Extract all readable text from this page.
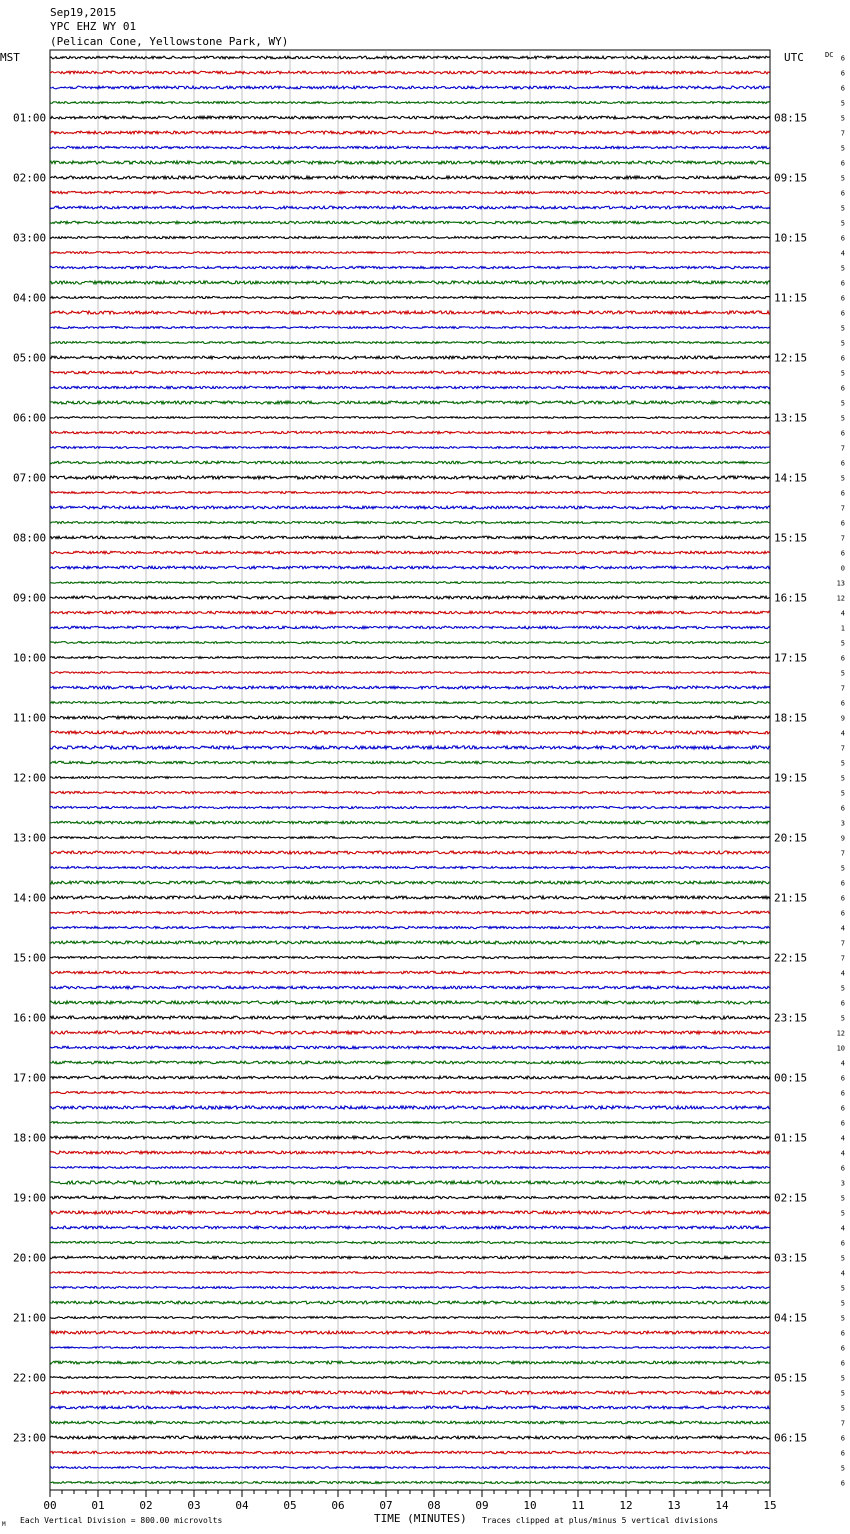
Sep19,2015
YPC EHZ WY 01
(Pelican Cone, Yellowstone Park, WY)
MST	UTC	DC
01:00	08:15
02:00	09:15
03:00	10:15
04:00	11:15
05:00	12:15
06:00	13:15
07:00	14:15
08:00	15:15
09:00	16:15
10:00	17:15
11:00	18:15
12:00	19:15
13:00	20:15
14:00	21:15
15:00	22:15
16:00	23:15
17:00	00:15
18:00	01:15
19:00	02:15
20:00	03:15
21:00	04:15
22:00	05:15
23:00	06:15
6
6
6
5
5
7
5
6
5
6
5
5
6
4
5
6
6
6
5
5
6
5
6
5
5
6
7
6
5
6
7
6
7
6
0
13
12
4
1
5
6
5
7
6
9
4
7
5
5
5
6
3
9
7
5
6
6
6
4
7
7
4
5
6
5
12
10
4
6
6
6
6
4
4
6
3
5
5
4
6
5
4
5
5
5
6
6
6
5
5
5
7
6
6
5
6
00	01	02	03	04	05	06	07	08	09	10	11	12	13	14	15
TIME (MINUTES)
Each Vertical Division = 800.00 microvolts	Traces clipped at plus/minus 5 vertical divisions
M
